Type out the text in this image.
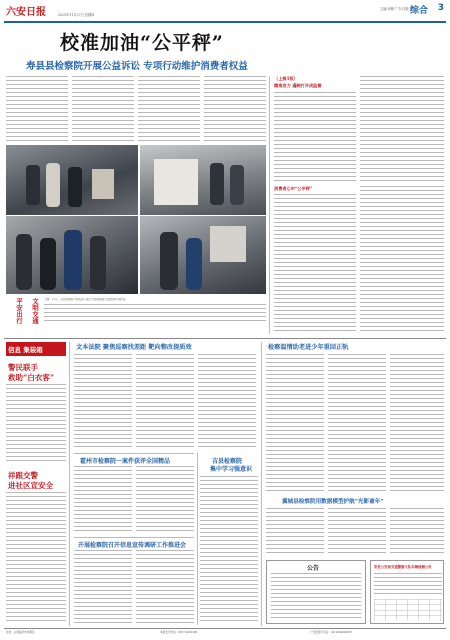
六安日报	2025年11月27日 星期四
主编:何珊 广告:沈颖 刘乐
综合 3
校准加油“公平秤”
寿县县检察院开展公益诉讼 专项行动维护消费者权益
上图：11月，寿县检察院与相关部门联合开展加油站计量检测专项检查。
平安出行	文明交通
（上接1版）
精准发力 遏制打开成监督
消费者心中“公平秤”
信息 集装箱
警民联手
救助“白衣客”
祥跟交警
进社区宣安全
文本法院 聚焦巡察找差距 靶向整改提质效
霍州市检察院一案件获评全国精品
开展检察院召开信息宣传调研工作推进会
吉县检察院
集中学习强意识
检察温情助老进少年重回正轨
冀城县检察院用数据模型护航“光影童年”
公告	彩县公安局交通警察大队车辆检测公告
社址：山西临汾市尧都区	本报发行热线：0357-2020306	广告经营许可证：1410004000007
